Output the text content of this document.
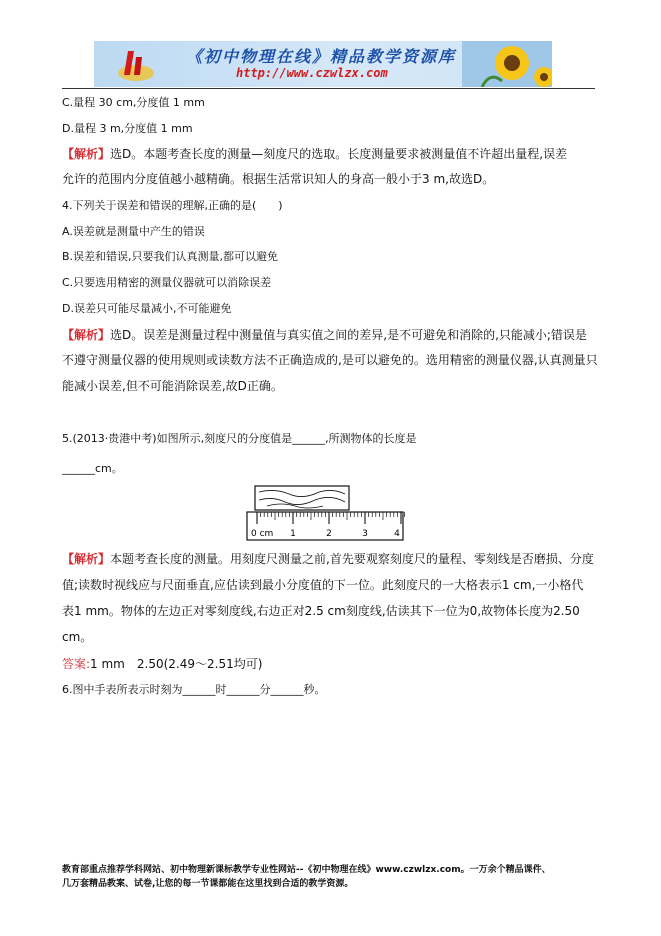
《初中物理在线》精品教学资源库
http://www.czwlzx.com
C.量程 30 cm,分度值 1 mm
D.量程 3 m,分度值 1 mm
【解析】选D。本题考查长度的测量—刻度尺的选取。长度测量要求被测量值不许超出量程,误差
允许的范围内分度值越小越精确。根据生活常识知人的身高一般小于3 m,故选D。
4.下列关于误差和错误的理解,正确的是(　　)
A.误差就是测量中产生的错误
B.误差和错误,只要我们认真测量,都可以避免
C.只要选用精密的测量仪器就可以消除误差
D.误差只可能尽量减小,不可能避免
【解析】选D。误差是测量过程中测量值与真实值之间的差异,是不可避免和消除的,只能减小;错误是
不遵守测量仪器的使用规则或读数方法不正确造成的,是可以避免的。选用精密的测量仪器,认真测量只
能减小误差,但不可能消除误差,故D正确。
5.(2013·贵港中考)如图所示,刻度尺的分度值是______,所测物体的长度是
______cm。
0 cm 1	2	3	4
【解析】本题考查长度的测量。用刻度尺测量之前,首先要观察刻度尺的量程、零刻线是否磨损、分度
值;读数时视线应与尺面垂直,应估读到最小分度值的下一位。此刻度尺的一大格表示1 cm,一小格代
表1 mm。物体的左边正对零刻度线,右边正对2.5 cm刻度线,估读其下一位为0,故物体长度为2.50
cm。
答案:1 mm　2.50(2.49～2.51均可)
6.图中手表所表示时刻为______时______分______秒。
教育部重点推荐学科网站、初中物理新课标教学专业性网站--《初中物理在线》www.czwlzx.com。一万余个精品课件、
几万套精品教案、试卷,让您的每一节课都能在这里找到合适的教学资源。
